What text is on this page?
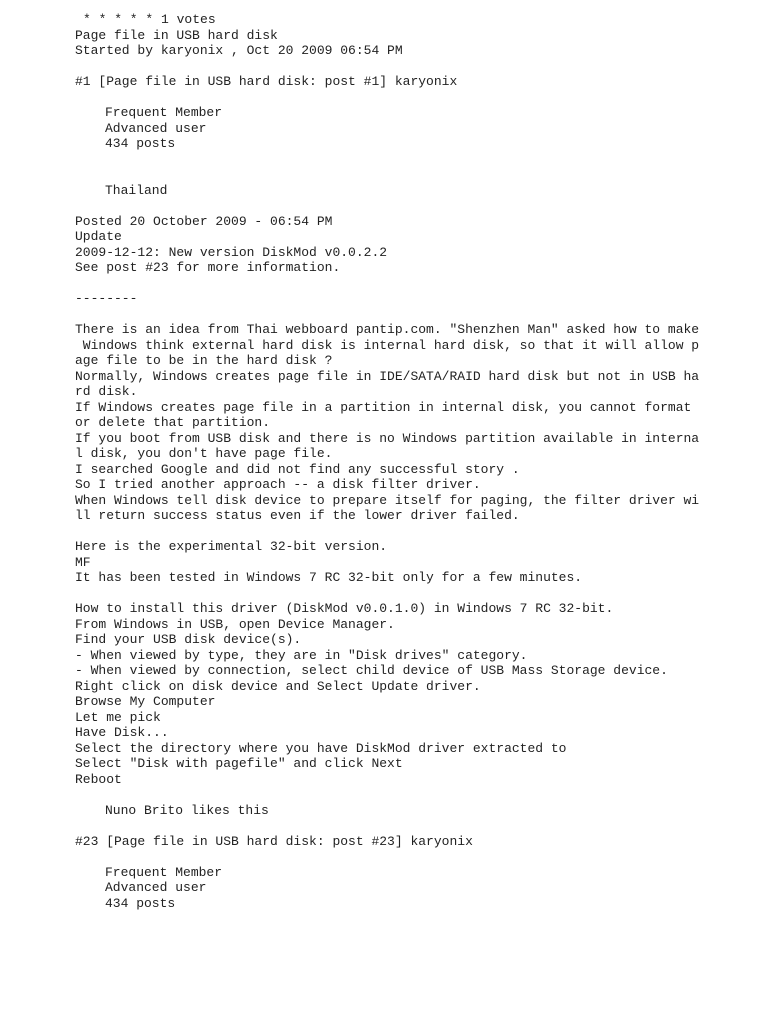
* * * * * 1 votes
Page file in USB hard disk
Started by karyonix , Oct 20 2009 06:54 PM
#1 [Page file in USB hard disk: post #1] karyonix
Frequent Member
Advanced user
434 posts
Thailand
Posted 20 October 2009 - 06:54 PM
Update
2009-12-12: New version DiskMod v0.0.2.2
See post #23 for more information.
--------
There is an idea from Thai webboard pantip.com. "Shenzhen Man" asked how to make
Windows think external hard disk is internal hard disk, so that it will allow p
age file to be in the hard disk ?
Normally, Windows creates page file in IDE/SATA/RAID hard disk but not in USB ha
rd disk.
If Windows creates page file in a partition in internal disk, you cannot format
or delete that partition.
If you boot from USB disk and there is no Windows partition available in interna
l disk, you don't have page file.
I searched Google and did not find any successful story .
So I tried another approach -- a disk filter driver.
When Windows tell disk device to prepare itself for paging, the filter driver wi
ll return success status even if the lower driver failed.
Here is the experimental 32-bit version.
MF
It has been tested in Windows 7 RC 32-bit only for a few minutes.
How to install this driver (DiskMod v0.0.1.0) in Windows 7 RC 32-bit.
From Windows in USB, open Device Manager.
Find your USB disk device(s).
- When viewed by type, they are in "Disk drives" category.
- When viewed by connection, select child device of USB Mass Storage device.
Right click on disk device and Select Update driver.
Browse My Computer
Let me pick
Have Disk...
Select the directory where you have DiskMod driver extracted to
Select "Disk with pagefile" and click Next
Reboot
Nuno Brito likes this
#23 [Page file in USB hard disk: post #23] karyonix
Frequent Member
Advanced user
434 posts
